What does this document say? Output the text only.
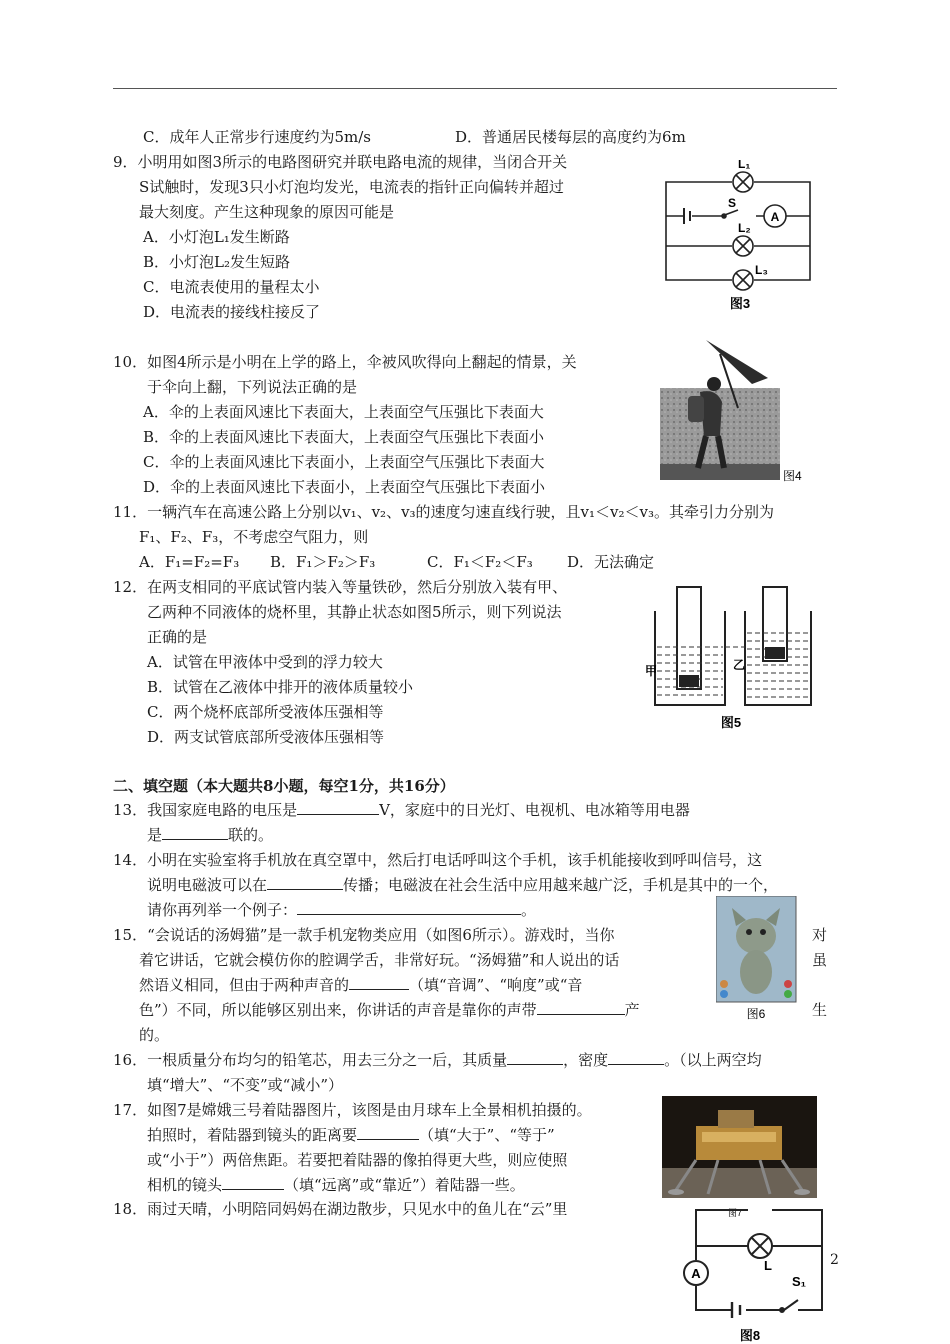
C．成年人正常步行速度约为5m/s	D．普通居民楼每层的高度约为6m
9．小明用如图3所示的电路图研究并联电路电流的规律，当闭合开关
S试触时，发现3只小灯泡均发光，电流表的指针正向偏转并超过
最大刻度。产生这种现象的原因可能是
A．小灯泡L₁发生断路
B．小灯泡L₂发生短路
C．电流表使用的量程太小
D．电流表的接线柱接反了
A
L₁
S
L₂
L₃
图3
10．如图4所示是小明在上学的路上，伞被风吹得向上翻起的情景，关
于伞向上翻，下列说法正确的是
A．伞的上表面风速比下表面大，上表面空气压强比下表面大
B．伞的上表面风速比下表面大，上表面空气压强比下表面小
C．伞的上表面风速比下表面小，上表面空气压强比下表面大
D．伞的上表面风速比下表面小，上表面空气压强比下表面小
图4
11．一辆汽车在高速公路上分别以v₁、v₂、v₃的速度匀速直线行驶，且v₁＜v₂＜v₃。其牵引力分别为
F₁、F₂、F₃，不考虑空气阻力，则
A．F₁=F₂=F₃ B．F₁＞F₂＞F₃	C．F₁＜F₂＜F₃ D．无法确定
12．在两支相同的平底试管内装入等量铁砂，然后分别放入装有甲、
乙两种不同液体的烧杯里，其静止状态如图5所示，则下列说法
正确的是
A．试管在甲液体中受到的浮力较大
B．试管在乙液体中排开的液体质量较小
C．两个烧杯底部所受液体压强相等
D．两支试管底部所受液体压强相等
甲	乙
图5
二、填空题（本大题共8小题，每空1分，共16分）
13．我国家庭电路的电压是	V，家庭中的日光灯、电视机、电冰箱等用电器
是	联的。
14．小明在实验室将手机放在真空罩中，然后打电话呼叫这个手机，该手机能接收到呼叫信号，这
说明电磁波可以在	传播；电磁波在社会生活中应用越来越广泛，手机是其中的一个，
请你再列举一个例子：	。
15．“会说话的汤姆猫”是一款手机宠物类应用（如图6所示）。游戏时，当你	对
着它讲话，它就会模仿你的腔调学舌，非常好玩。“汤姆猫”和人说出的话	虽
然语义相同，但由于两种声音的	（填“音调”、“响度”或“音
色”）不同，所以能够区别出来，你讲话的声音是靠你的声带	产	生
的。
图6
16．一根质量分布均匀的铅笔芯，用去三分之一后，其质量	，密度	。（以上两空均
填“增大”、“不变”或“减小”）
17．如图7是嫦娥三号着陆器图片，该图是由月球车上全景相机拍摄的。
拍照时，着陆器到镜头的距离要	（填“大于”、“等于”
或“小于”）两倍焦距。若要把着陆器的像拍得更大些，则应使照
相机的镜头	（填“远离”或“靠近”）着陆器一些。
图7
18．雨过天晴，小明陪同妈妈在湖边散步，只见水中的鱼儿在“云”里
A
L
S₁
图8
2
